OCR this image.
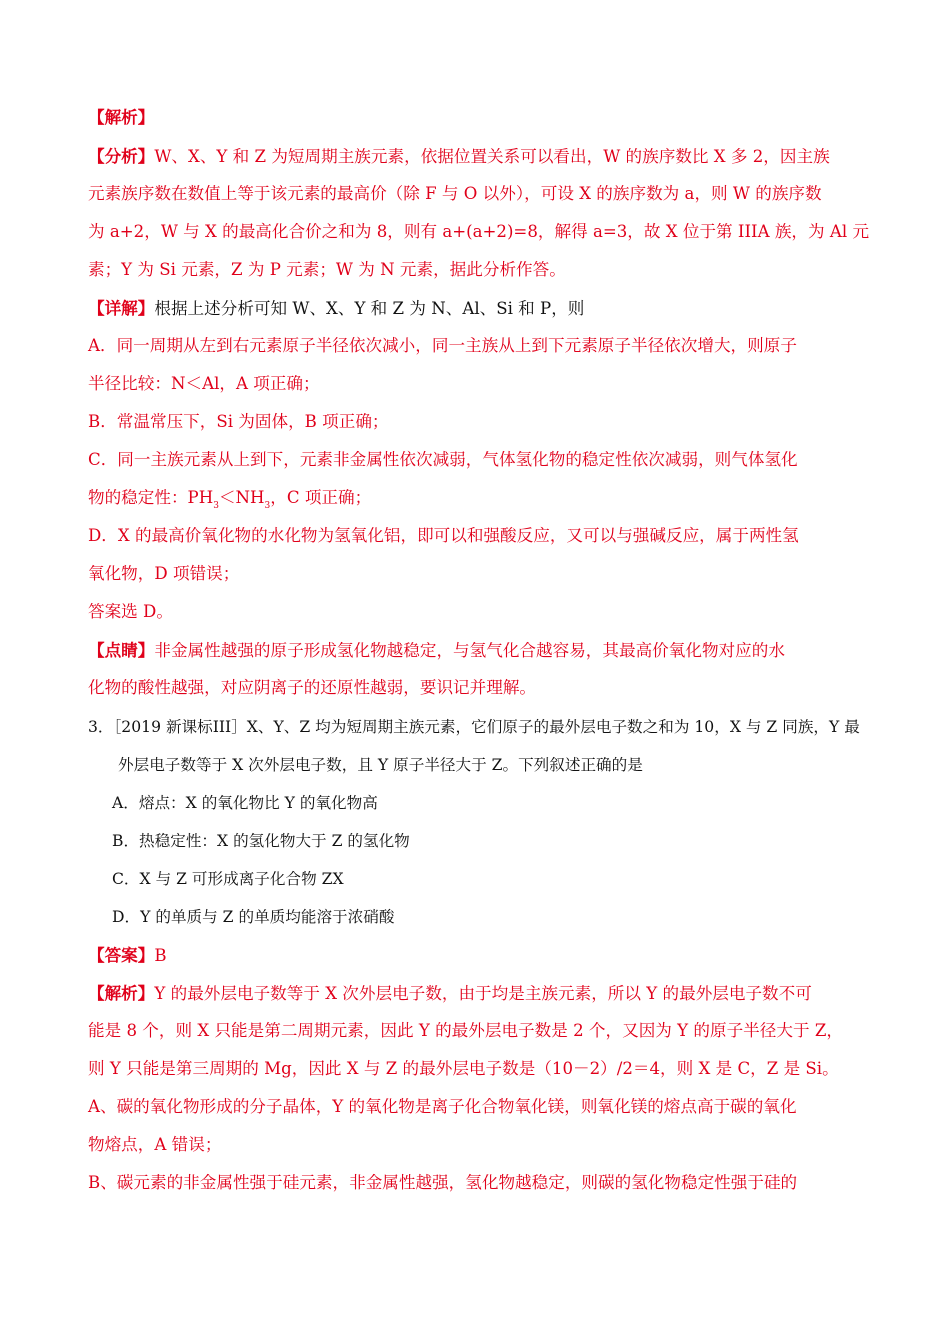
【解析】
【分析】W、X、Y 和 Z 为短周期主族元素，依据位置关系可以看出，W 的族序数比 X 多 2，因主族
元素族序数在数值上等于该元素的最高价（除 F 与 O 以外），可设 X 的族序数为 a，则 W 的族序数
为 a+2，W 与 X 的最高化合价之和为 8，则有 a+(a+2)=8，解得 a=3，故 X 位于第 IIIA 族，为 Al 元
素；Y 为 Si 元素，Z 为 P 元素；W 为 N 元素，据此分析作答。
【详解】根据上述分析可知 W、X、Y 和 Z 为 N、Al、Si 和 P，则
A．同一周期从左到右元素原子半径依次减小，同一主族从上到下元素原子半径依次增大，则原子
半径比较：N＜Al，A 项正确；
B．常温常压下，Si 为固体，B 项正确；
C．同一主族元素从上到下，元素非金属性依次减弱，气体氢化物的稳定性依次减弱，则气体氢化
物的稳定性：$PH_3<NH_3$，C 项正确；
D．X 的最高价氧化物的水化物为氢氧化铝，即可以和强酸反应，又可以与强碱反应，属于两性氢
氧化物，D 项错误；
答案选 D。
【点睛】非金属性越强的原子形成氢化物越稳定，与氢气化合越容易，其最高价氧化物对应的水
化物的酸性越强，对应阴离子的还原性越弱，要识记并理解。
3．［2019 新课标III］X、Y、Z 均为短周期主族元素，它们原子的最外层电子数之和为 10，X 与 Z 同族，Y 最
外层电子数等于 X 次外层电子数，且 Y 原子半径大于 Z。下列叙述正确的是
A．熔点：X 的氧化物比 Y 的氧化物高
B．热稳定性：X 的氢化物大于 Z 的氢化物
C．X 与 Z 可形成离子化合物 ZX
D．Y 的单质与 Z 的单质均能溶于浓硝酸
【答案】B
【解析】Y 的最外层电子数等于 X 次外层电子数，由于均是主族元素，所以 Y 的最外层电子数不可
能是 8 个，则 X 只能是第二周期元素，因此 Y 的最外层电子数是 2 个，又因为 Y 的原子半径大于 Z，
则 Y 只能是第三周期的 Mg，因此 X 与 Z 的最外层电子数是（10－2）/2＝4，则 X 是 C，Z 是 Si。
A、碳的氧化物形成的分子晶体，Y 的氧化物是离子化合物氧化镁，则氧化镁的熔点高于碳的氧化
物熔点，A 错误；
B、碳元素的非金属性强于硅元素，非金属性越强，氢化物越稳定，则碳的氢化物稳定性强于硅的
